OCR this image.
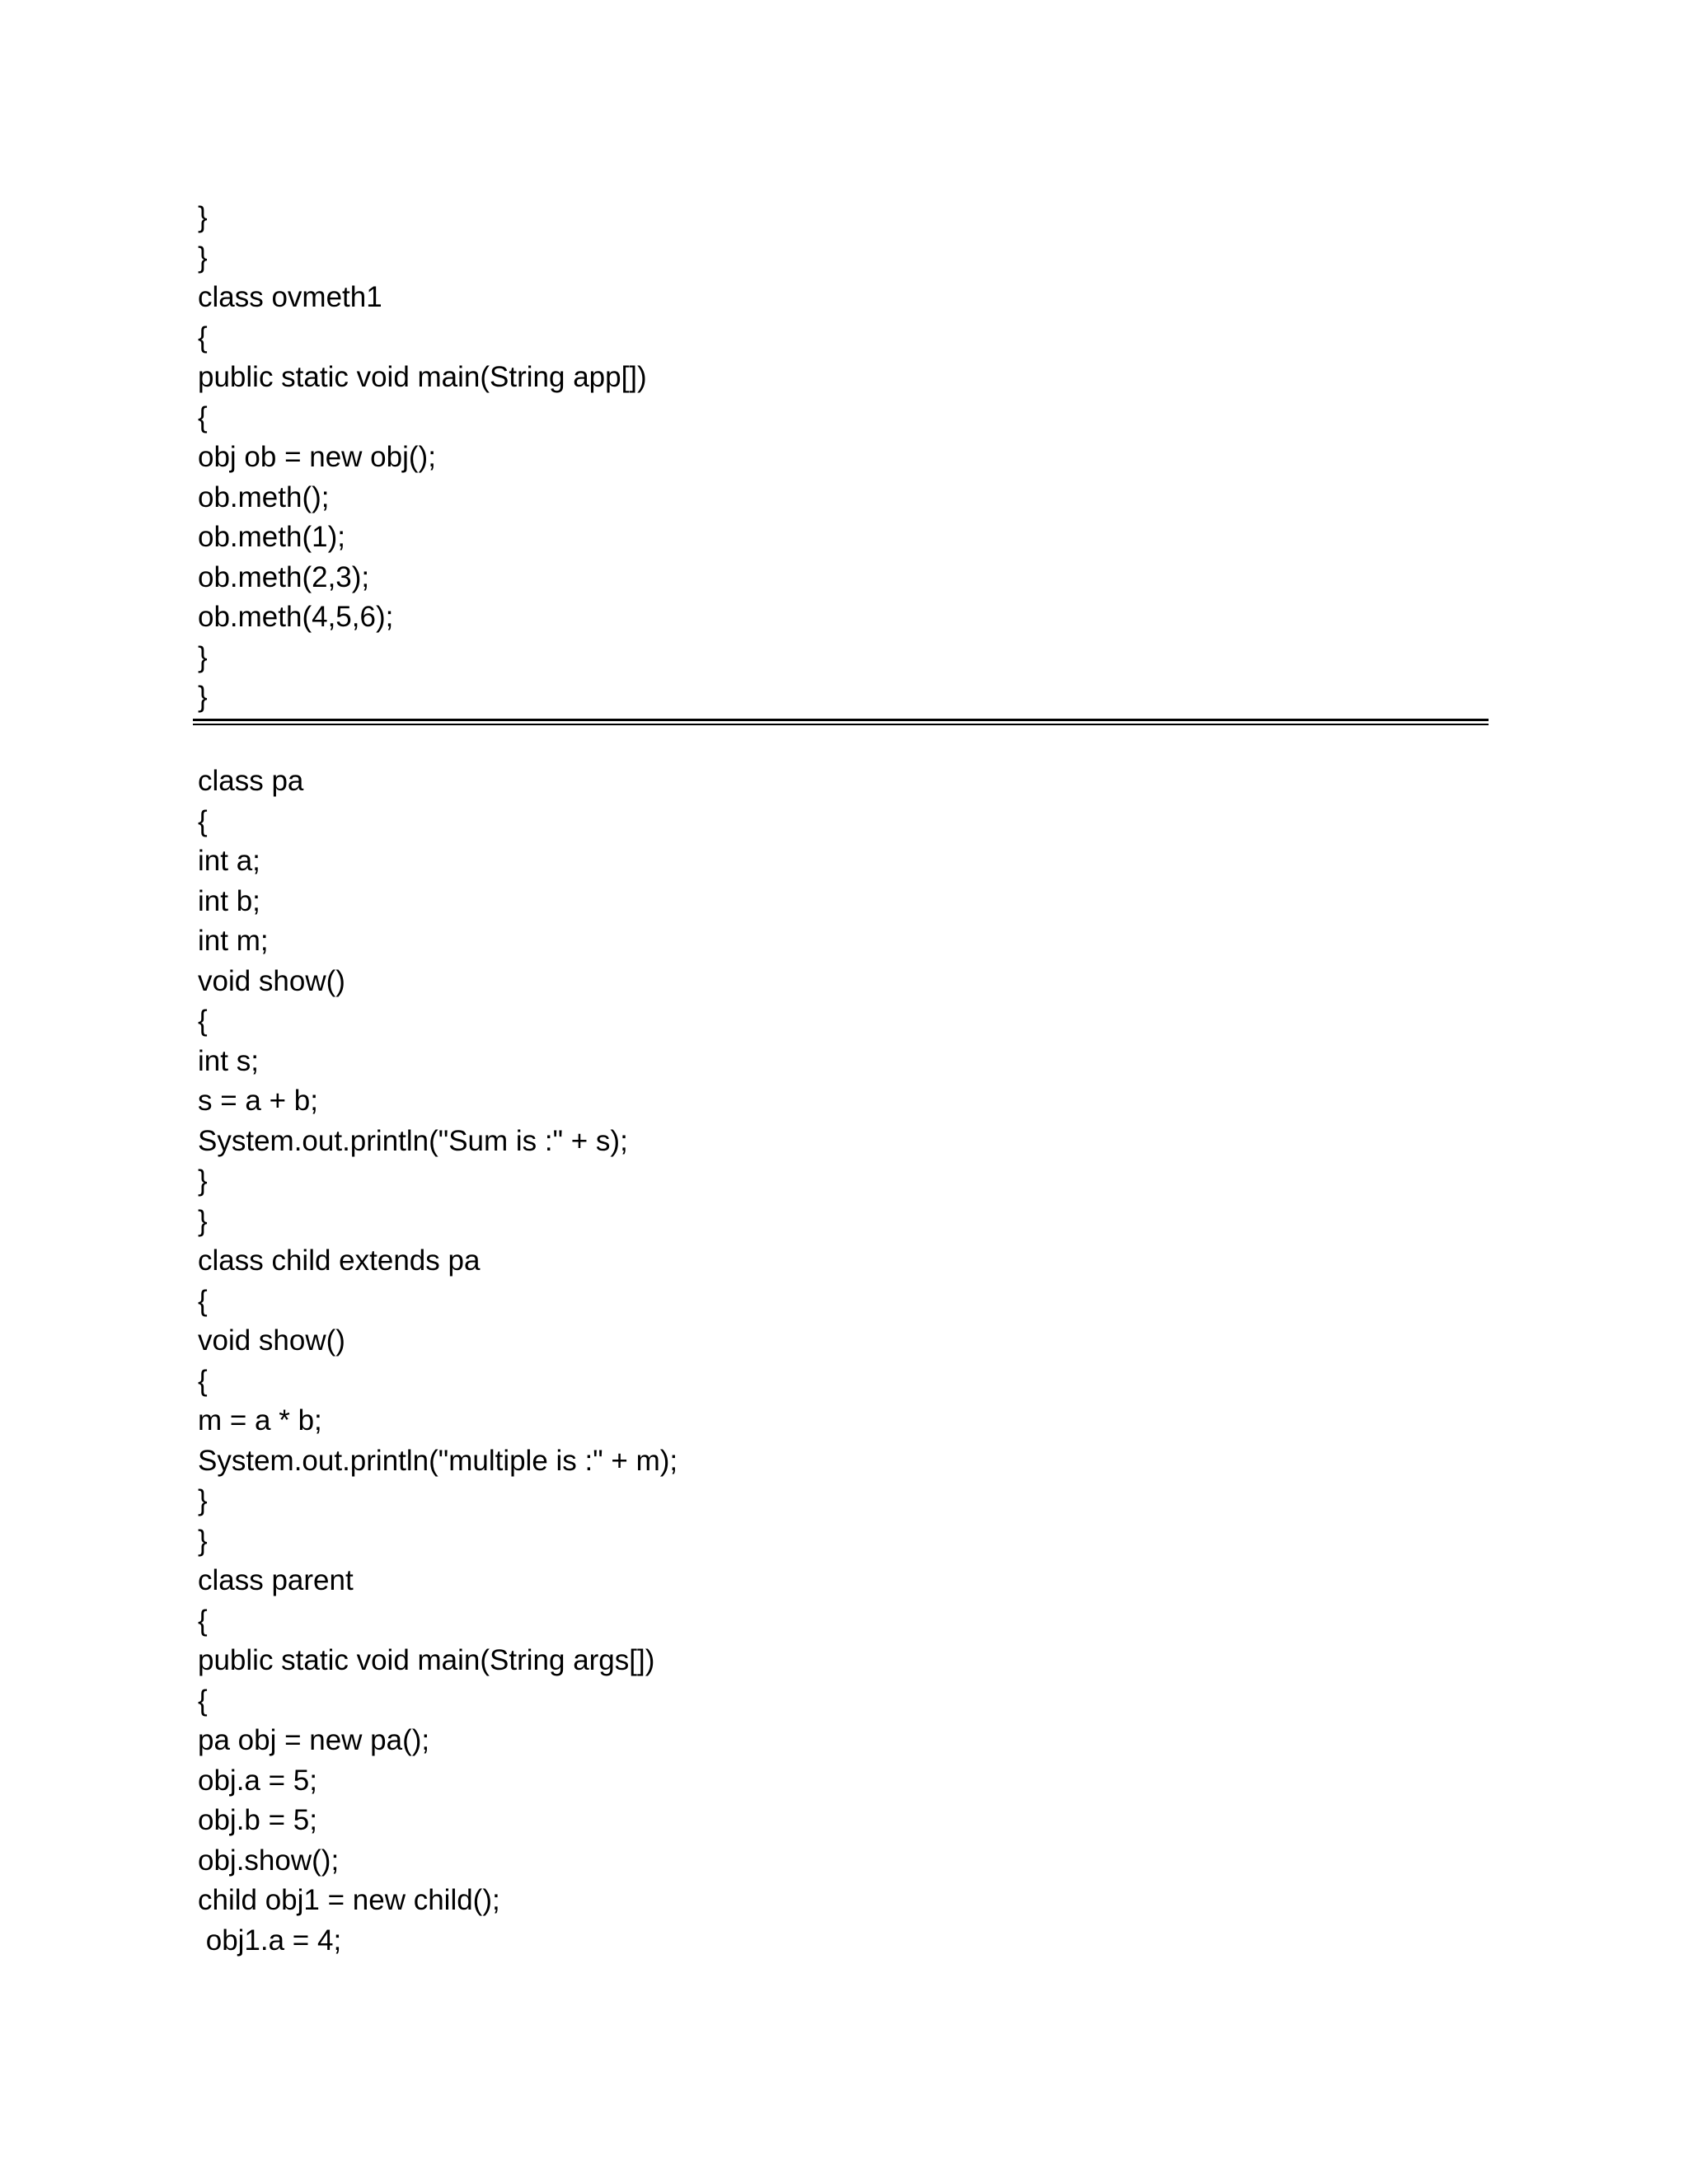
}
}
class ovmeth1
{
public static void main(String app[])
{
obj ob = new obj();
ob.meth();
ob.meth(1);
ob.meth(2,3);
ob.meth(4,5,6);
}
}
class pa
{
int a;
int b;
int m;
void show()
{
int s;
s = a + b;
System.out.println("Sum is :" + s);
}
}
class child extends pa
{
void show()
{
m = a * b;
System.out.println("multiple is :" + m);
}
}
class parent
{
public static void main(String args[])
{
pa obj = new pa();
obj.a = 5;
obj.b = 5;
obj.show();
child obj1 = new child();
obj1.a = 4;
